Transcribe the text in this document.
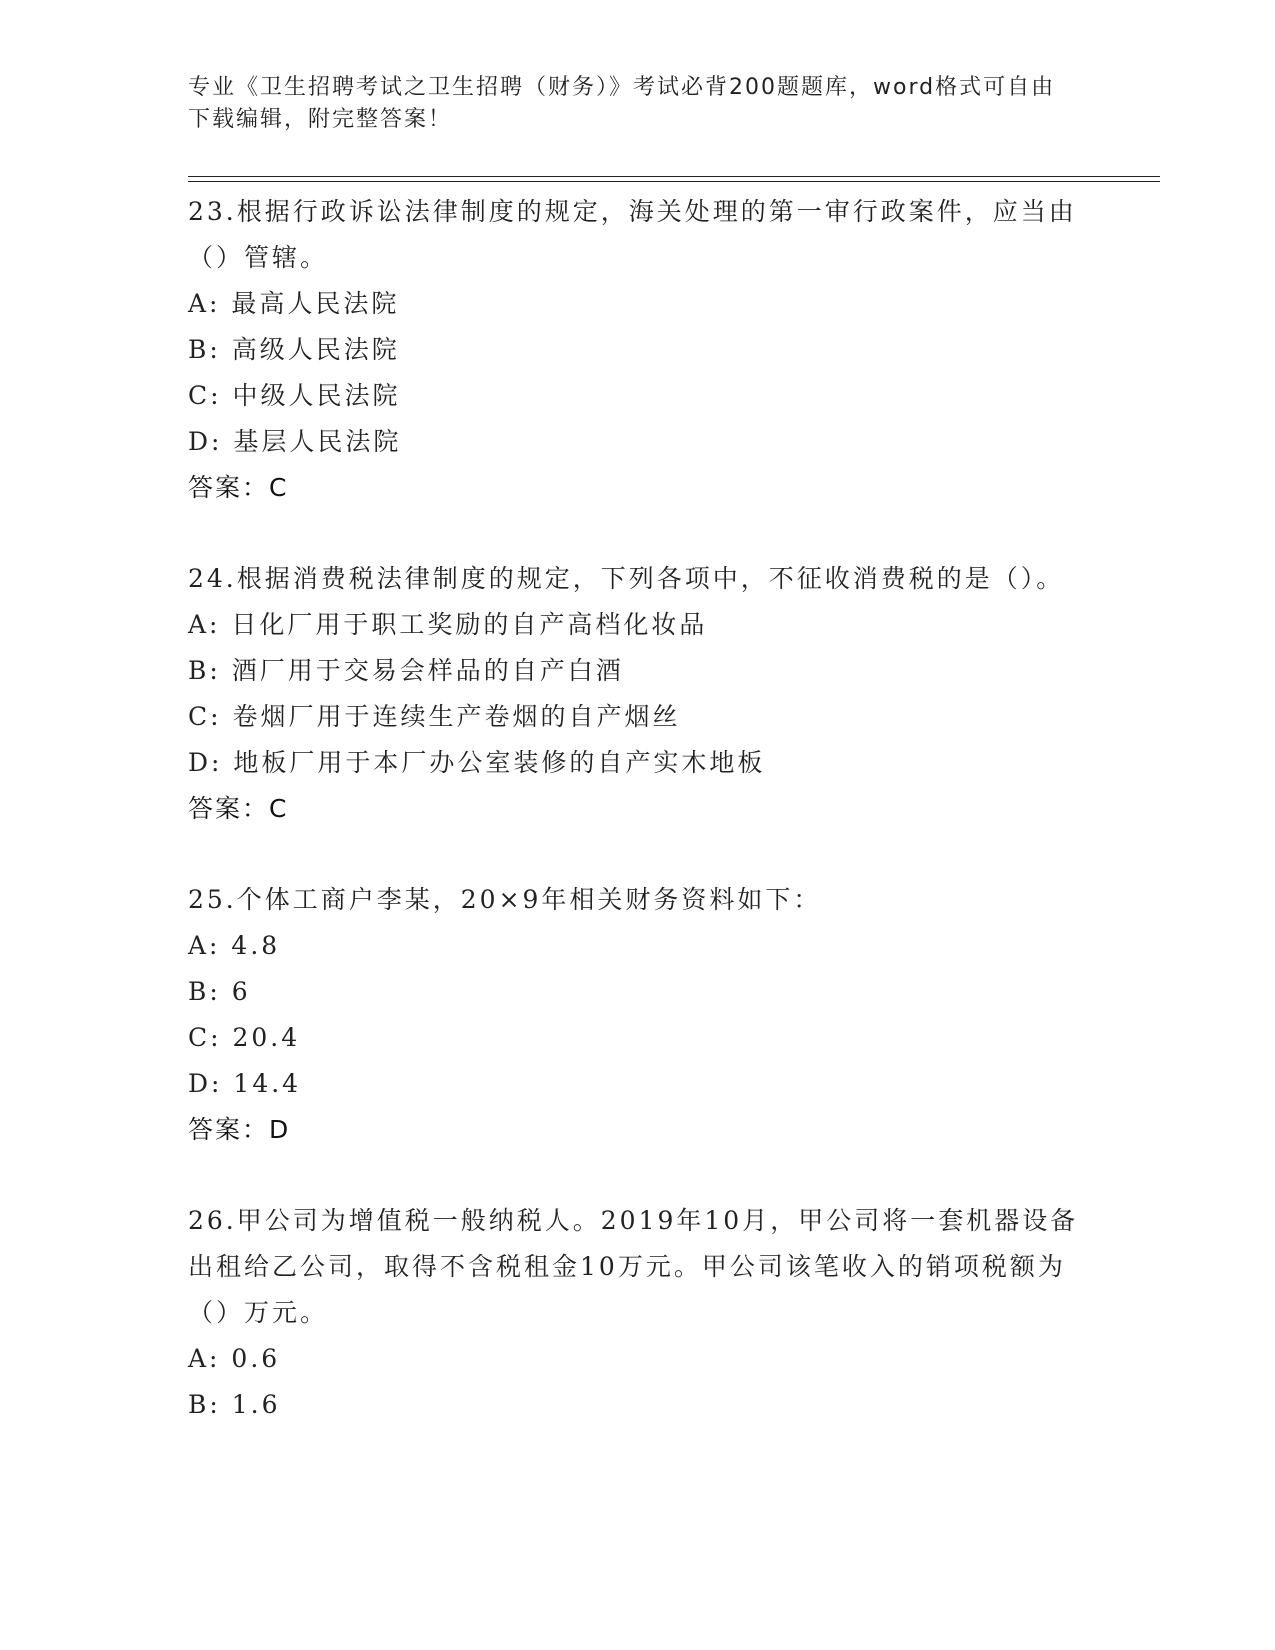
专业《卫生招聘考试之卫生招聘（财务）》考试必背200题题库，word格式可自由下载编辑，附完整答案！

23.根据行政诉讼法律制度的规定，海关处理的第一审行政案件，应当由（）管辖。

A: 最高人民法院

B: 高级人民法院

C: 中级人民法院

D: 基层人民法院

答案：C

24.根据消费税法律制度的规定，下列各项中，不征收消费税的是（）。

A: 日化厂用于职工奖励的自产高档化妆品

B: 酒厂用于交易会样品的自产白酒

C: 卷烟厂用于连续生产卷烟的自产烟丝

D: 地板厂用于本厂办公室装修的自产实木地板

答案：C

25.个体工商户李某，20×9年相关财务资料如下：

A: 4.8

B: 6

C: 20.4

D: 14.4

答案：D

26.甲公司为增值税一般纳税人。2019年10月，甲公司将一套机器设备出租给乙公司，取得不含税租金10万元。甲公司该笔收入的销项税额为（）万元。

A: 0.6

B: 1.6
